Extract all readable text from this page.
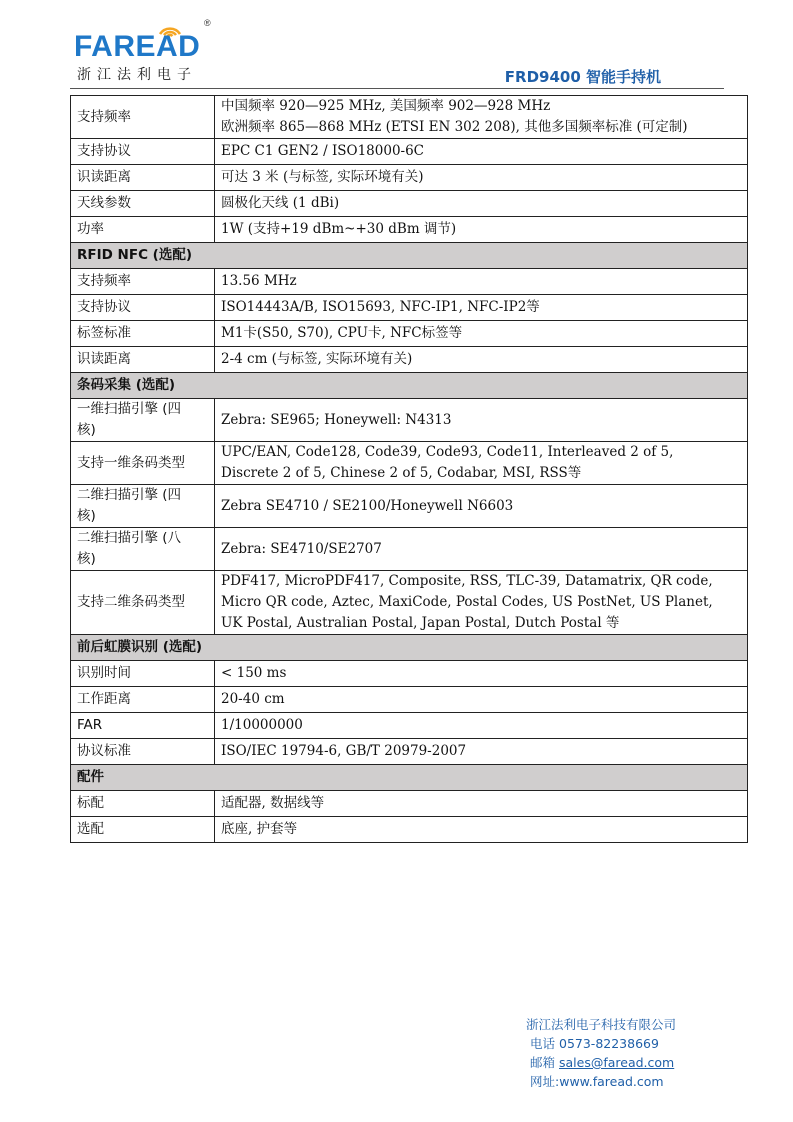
®
FAREAD
浙江法利电子	FRD9400 智能手持机
支持频率	中国频率 920—925 MHz, 美国频率 902—928 MHz
欧洲频率 865—868 MHz (ETSI EN 302 208), 其他多国频率标准 (可定制)

支持协议	EPC C1 GEN2 / ISO18000-6C

识读距离	可达 3 米 (与标签, 实际环境有关)

天线参数	圆极化天线 (1 dBi)

功率	1W (支持+19 dBm~+30 dBm 调节)

RFID NFC (选配)	
支持频率	13.56 MHz

支持协议	ISO14443A/B, ISO15693, NFC-IP1, NFC-IP2等

标签标准	M1卡(S50, S70), CPU卡, NFC标签等

识读距离	2-4 cm (与标签, 实际环境有关)

条码采集 (选配)	

一维扫描引擎 (四
核)	Zebra: SE965; Honeywell: N4313

支持一维条码类型	UPC/EAN, Code128, Code39, Code93, Code11, Interleaved 2 of 5,
Discrete 2 of 5, Chinese 2 of 5, Codabar, MSI, RSS等

二维扫描引擎 (四
核)	Zebra SE4710 / SE2100/Honeywell N6603

二维扫描引擎 (八
核)	Zebra: SE4710/SE2707

支持二维条码类型	PDF417, MicroPDF417, Composite, RSS, TLC-39, Datamatrix, QR code,
Micro QR code, Aztec, MaxiCode, Postal Codes, US PostNet, US Planet,
UK Postal, Australian Postal, Japan Postal, Dutch Postal 等

前后虹膜识别 (选配)	
识别时间	< 150 ms

工作距离	20-40 cm

FAR	1/10000000

协议标准	ISO/IEC 19794-6, GB/T 20979-2007

配件	
标配	适配器, 数据线等

选配	底座, 护套等
浙江法利电子科技有限公司
电话 0573-82238669
邮箱 sales@faread.com
网址:www.faread.com
